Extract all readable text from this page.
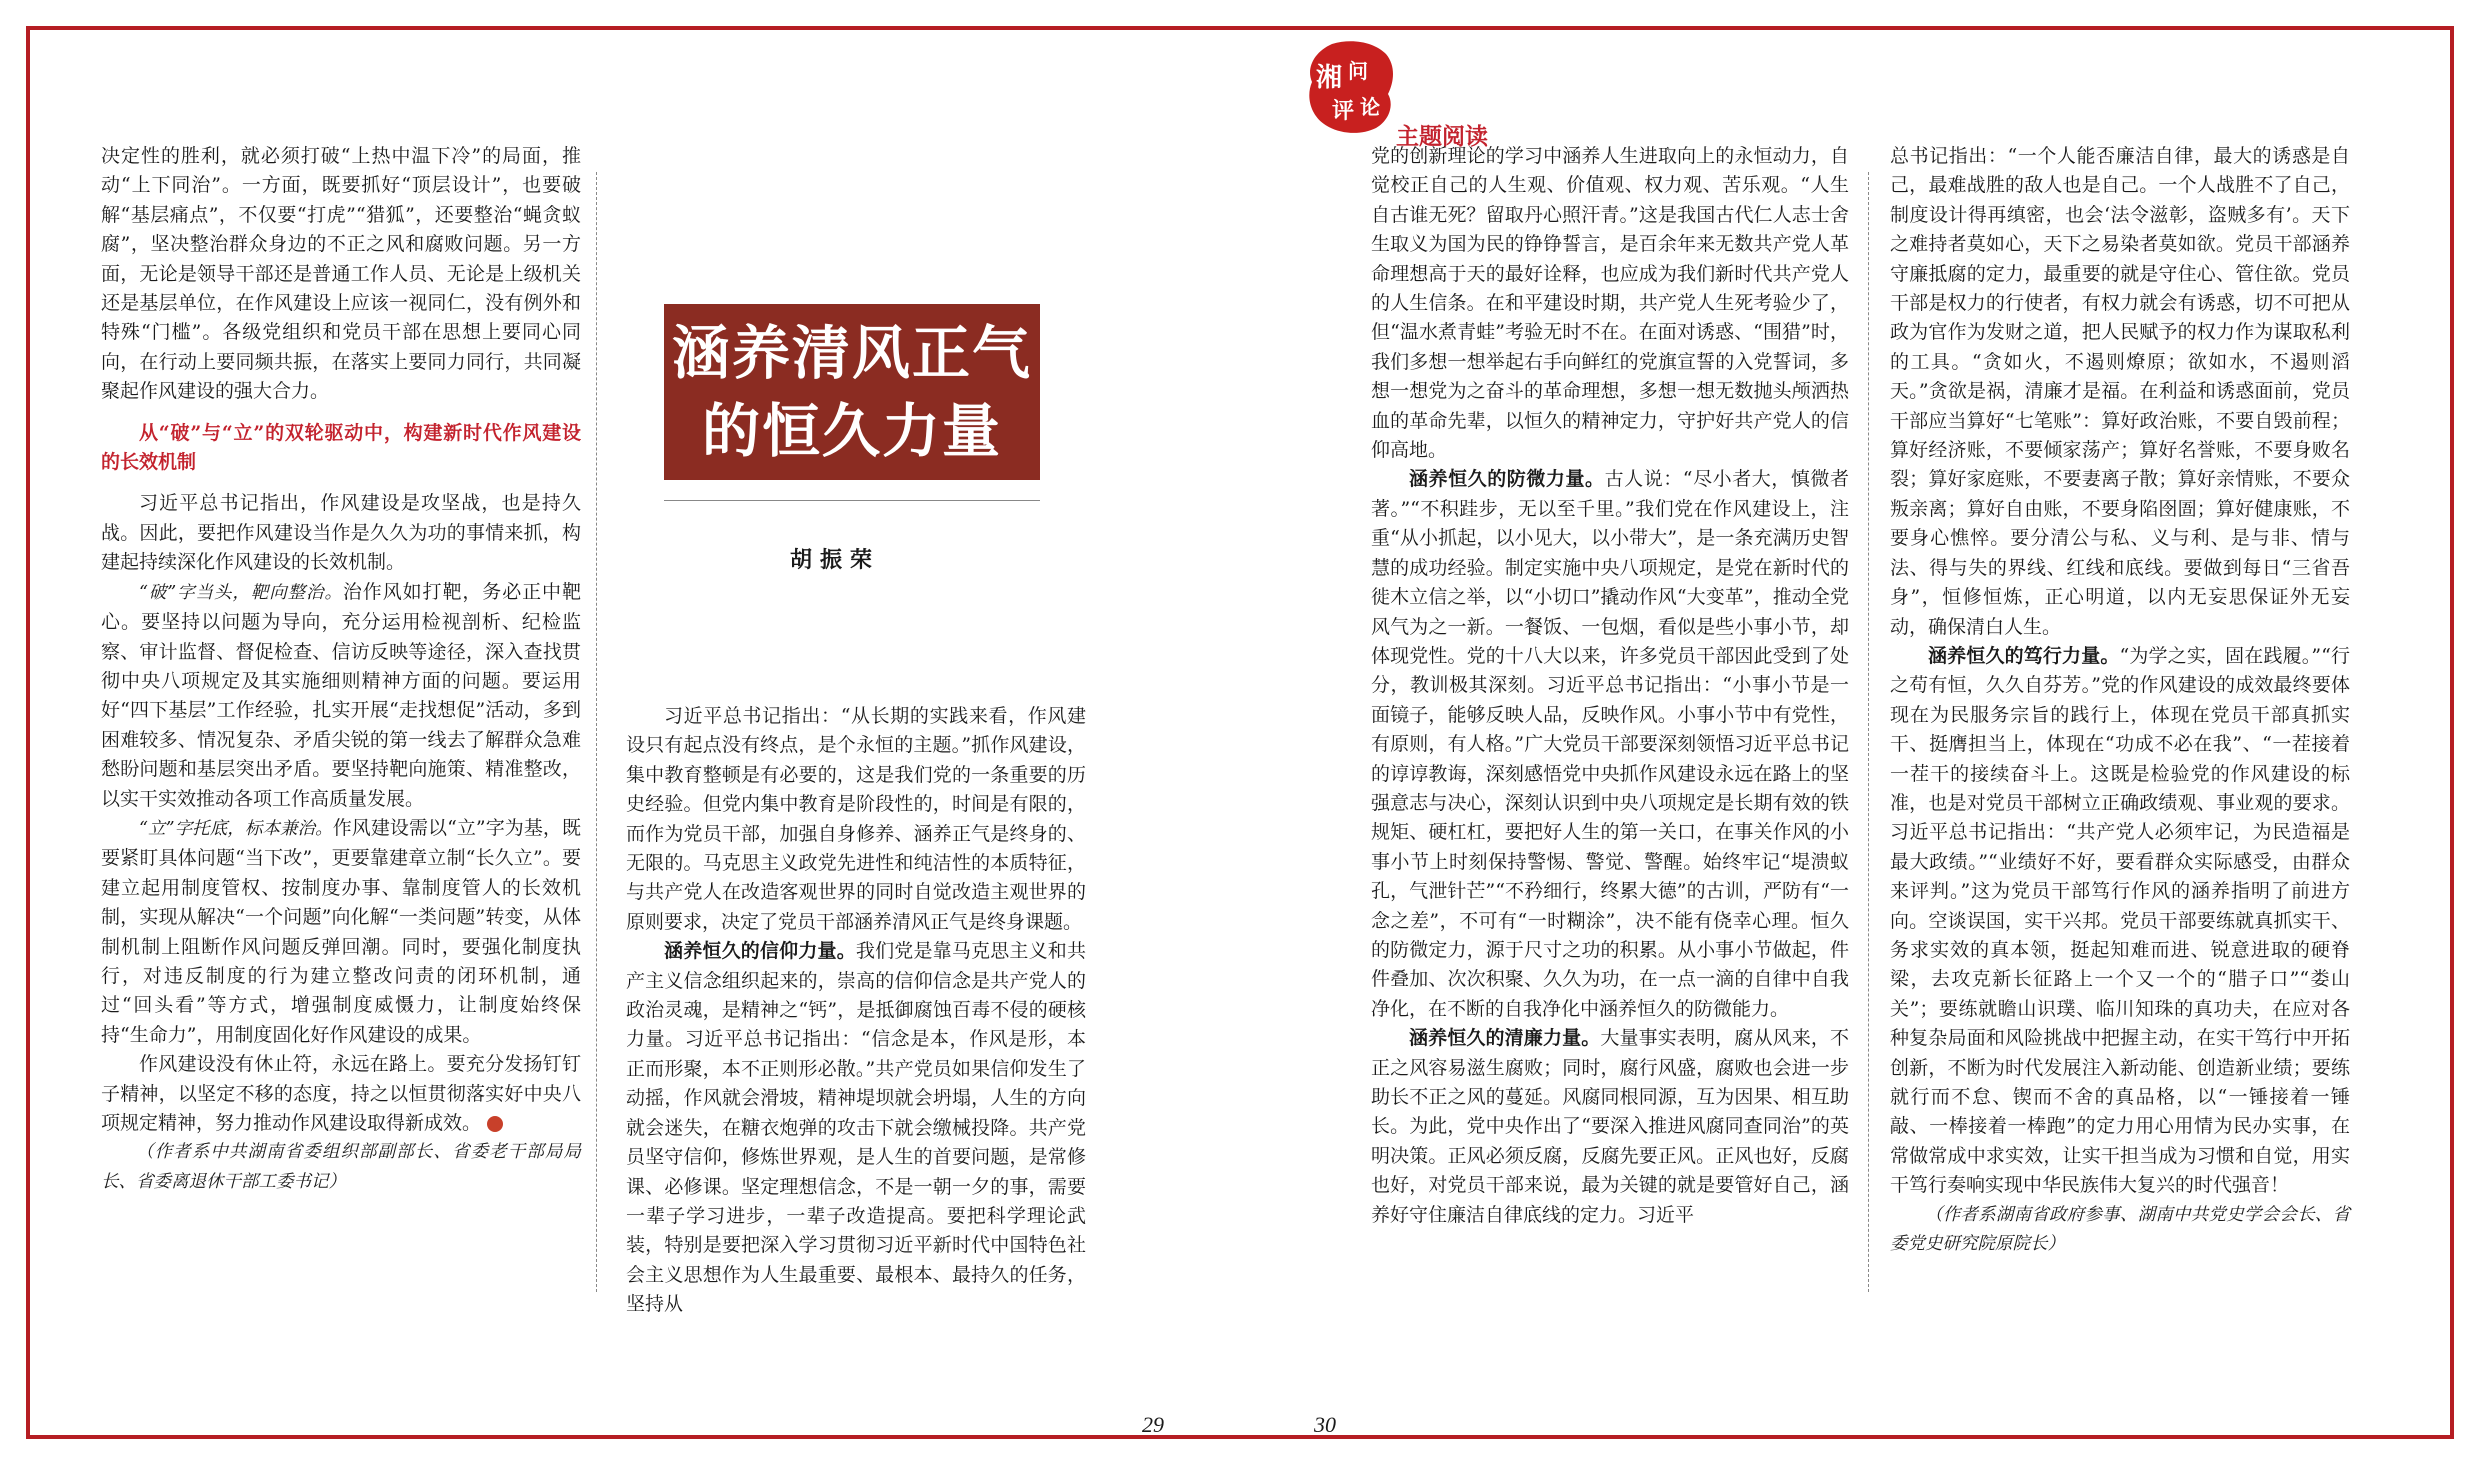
湘 问
评 论
主题阅读

决定性的胜利，就必须打破“上热中温下冷”的局面，推动“上下同治”。一方面，既要抓好“顶层设计”，也要破解“基层痛点”，不仅要“打虎”“猎狐”，还要整治“蝇贪蚁腐”，坚决整治群众身边的不正之风和腐败问题。另一方面，无论是领导干部还是普通工作人员、无论是上级机关还是基层单位，在作风建设上应该一视同仁，没有例外和特殊“门槛”。各级党组织和党员干部在思想上要同心同向，在行动上要同频共振，在落实上要同力同行，共同凝聚起作风建设的强大合力。

从“破”与“立”的双轮驱动中，构建新时代作风建设的长效机制

习近平总书记指出，作风建设是攻坚战，也是持久战。因此，要把作风建设当作是久久为功的事情来抓，构建起持续深化作风建设的长效机制。

“破”字当头，靶向整治。治作风如打靶，务必正中靶心。要坚持以问题为导向，充分运用检视剖析、纪检监察、审计监督、督促检查、信访反映等途径，深入查找贯彻中央八项规定及其实施细则精神方面的问题。要运用好“四下基层”工作经验，扎实开展“走找想促”活动，多到困难较多、情况复杂、矛盾尖锐的第一线去了解群众急难愁盼问题和基层突出矛盾。要坚持靶向施策、精准整改，以实干实效推动各项工作高质量发展。

“立”字托底，标本兼治。作风建设需以“立”字为基，既要紧盯具体问题“当下改”，更要靠建章立制“长久立”。要建立起用制度管权、按制度办事、靠制度管人的长效机制，实现从解决“一个问题”向化解“一类问题”转变，从体制机制上阻断作风问题反弹回潮。同时，要强化制度执行，对违反制度的行为建立整改问责的闭环机制，通过“回头看”等方式，增强制度威慑力，让制度始终保持“生命力”，用制度固化好作风建设的成果。

作风建设没有休止符，永远在路上。要充分发扬钉钉子精神，以坚定不移的态度，持之以恒贯彻落实好中央八项规定精神，努力推动作风建设取得新成效。

（作者系中共湖南省委组织部副部长、省委老干部局局长、省委离退休干部工委书记）

涵养清风正气
的恒久力量
胡振荣

习近平总书记指出：“从长期的实践来看，作风建设只有起点没有终点，是个永恒的主题。”抓作风建设，集中教育整顿是有必要的，这是我们党的一条重要的历史经验。但党内集中教育是阶段性的，时间是有限的，而作为党员干部，加强自身修养、涵养正气是终身的、无限的。马克思主义政党先进性和纯洁性的本质特征，与共产党人在改造客观世界的同时自觉改造主观世界的原则要求，决定了党员干部涵养清风正气是终身课题。

涵养恒久的信仰力量。我们党是靠马克思主义和共产主义信念组织起来的，崇高的信仰信念是共产党人的政治灵魂，是精神之“钙”，是抵御腐蚀百毒不侵的硬核力量。习近平总书记指出：“信念是本，作风是形，本正而形聚，本不正则形必散。”共产党员如果信仰发生了动摇，作风就会滑坡，精神堤坝就会坍塌，人生的方向就会迷失，在糖衣炮弹的攻击下就会缴械投降。共产党员坚守信仰，修炼世界观，是人生的首要问题，是常修课、必修课。坚定理想信念，不是一朝一夕的事，需要一辈子学习进步，一辈子改造提高。要把科学理论武装，特别是要把深入学习贯彻习近平新时代中国特色社会主义思想作为人生最重要、最根本、最持久的任务，坚持从

党的创新理论的学习中涵养人生进取向上的永恒动力，自觉校正自己的人生观、价值观、权力观、苦乐观。“人生自古谁无死？留取丹心照汗青。”这是我国古代仁人志士舍生取义为国为民的铮铮誓言，是百余年来无数共产党人革命理想高于天的最好诠释，也应成为我们新时代共产党人的人生信条。在和平建设时期，共产党人生死考验少了，但“温水煮青蛙”考验无时不在。在面对诱惑、“围猎”时，我们多想一想举起右手向鲜红的党旗宣誓的入党誓词，多想一想党为之奋斗的革命理想，多想一想无数抛头颅洒热血的革命先辈，以恒久的精神定力，守护好共产党人的信仰高地。

涵养恒久的防微力量。古人说：“尽小者大，慎微者著。”“不积跬步，无以至千里。”我们党在作风建设上，注重“从小抓起，以小见大，以小带大”，是一条充满历史智慧的成功经验。制定实施中央八项规定，是党在新时代的徙木立信之举，以“小切口”撬动作风“大变革”，推动全党风气为之一新。一餐饭、一包烟，看似是些小事小节，却体现党性。党的十八大以来，许多党员干部因此受到了处分，教训极其深刻。习近平总书记指出：“小事小节是一面镜子，能够反映人品，反映作风。小事小节中有党性，有原则，有人格。”广大党员干部要深刻领悟习近平总书记的谆谆教诲，深刻感悟党中央抓作风建设永远在路上的坚强意志与决心，深刻认识到中央八项规定是长期有效的铁规矩、硬杠杠，要把好人生的第一关口，在事关作风的小事小节上时刻保持警惕、警觉、警醒。始终牢记“堤溃蚁孔，气泄针芒”“不矜细行，终累大德”的古训，严防有“一念之差”，不可有“一时糊涂”，决不能有侥幸心理。恒久的防微定力，源于尺寸之功的积累。从小事小节做起，件件叠加、次次积聚、久久为功，在一点一滴的自律中自我净化，在不断的自我净化中涵养恒久的防微能力。

涵养恒久的清廉力量。大量事实表明，腐从风来，不正之风容易滋生腐败；同时，腐行风盛，腐败也会进一步助长不正之风的蔓延。风腐同根同源，互为因果、相互助长。为此，党中央作出了“要深入推进风腐同查同治”的英明决策。正风必须反腐，反腐先要正风。正风也好，反腐也好，对党员干部来说，最为关键的就是要管好自己，涵养好守住廉洁自律底线的定力。习近平

总书记指出：“一个人能否廉洁自律，最大的诱惑是自己，最难战胜的敌人也是自己。一个人战胜不了自己，制度设计得再缜密，也会‘法令滋彰，盗贼多有’。天下之难持者莫如心，天下之易染者莫如欲。党员干部涵养守廉抵腐的定力，最重要的就是守住心、管住欲。党员干部是权力的行使者，有权力就会有诱惑，切不可把从政为官作为发财之道，把人民赋予的权力作为谋取私利的工具。“贪如火，不遏则燎原；欲如水，不遏则滔天。”贪欲是祸，清廉才是福。在利益和诱惑面前，党员干部应当算好“七笔账”：算好政治账，不要自毁前程；算好经济账，不要倾家荡产；算好名誉账，不要身败名裂；算好家庭账，不要妻离子散；算好亲情账，不要众叛亲离；算好自由账，不要身陷囹圄；算好健康账，不要身心憔悴。要分清公与私、义与利、是与非、情与法、得与失的界线、红线和底线。要做到每日“三省吾身”，恒修恒炼，正心明道，以内无妄思保证外无妄动，确保清白人生。

涵养恒久的笃行力量。“为学之实，固在践履。”“行之苟有恒，久久自芬芳。”党的作风建设的成效最终要体现在为民服务宗旨的践行上，体现在党员干部真抓实干、挺膺担当上，体现在“功成不必在我”、“一茬接着一茬干的接续奋斗上。这既是检验党的作风建设的标准，也是对党员干部树立正确政绩观、事业观的要求。习近平总书记指出：“共产党人必须牢记，为民造福是最大政绩。”“业绩好不好，要看群众实际感受，由群众来评判。”这为党员干部笃行作风的涵养指明了前进方向。空谈误国，实干兴邦。党员干部要练就真抓实干、务求实效的真本领，挺起知难而进、锐意进取的硬脊梁，去攻克新长征路上一个又一个的“腊子口”“娄山关”；要练就瞻山识璞、临川知珠的真功夫，在应对各种复杂局面和风险挑战中把握主动，在实干笃行中开拓创新，不断为时代发展注入新动能、创造新业绩；要练就行而不怠、锲而不舍的真品格，以“一锤接着一锤敲、一棒接着一棒跑”的定力用心用情为民办实事，在常做常成中求实效，让实干担当成为习惯和自觉，用实干笃行奏响实现中华民族伟大复兴的时代强音！

（作者系湖南省政府参事、湖南中共党史学会会长、省委党史研究院原院长）

29	30
